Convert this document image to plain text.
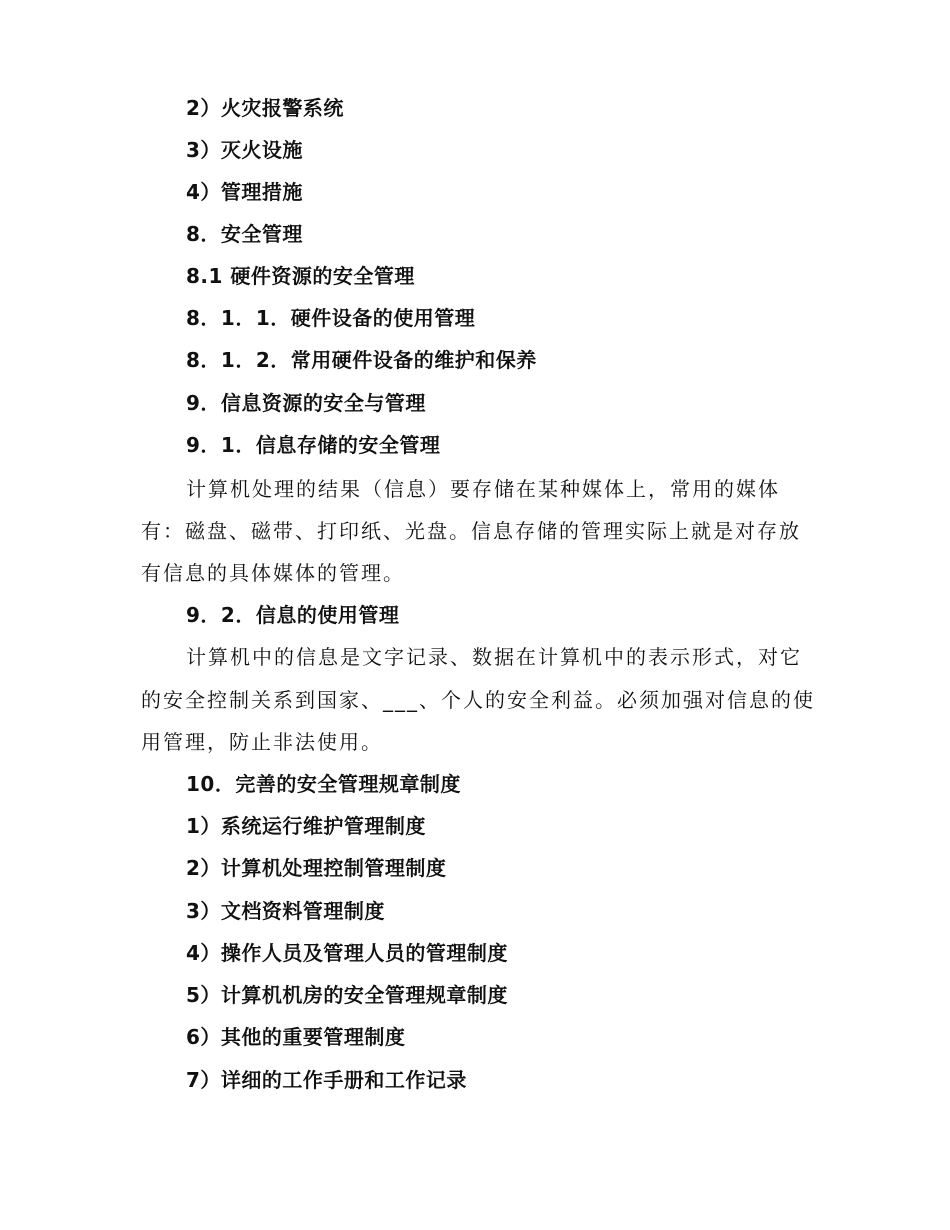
2）火灾报警系统
3）灭火设施
4）管理措施
8．安全管理
8.1 硬件资源的安全管理
8．1．1．硬件设备的使用管理
8．1．2．常用硬件设备的维护和保养
9．信息资源的安全与管理
9．1．信息存储的安全管理
计算机处理的结果（信息）要存储在某种媒体上，常用的媒体
有：磁盘、磁带、打印纸、光盘。信息存储的管理实际上就是对存放
有信息的具体媒体的管理。
9．2．信息的使用管理
计算机中的信息是文字记录、数据在计算机中的表示形式，对它
的安全控制关系到国家、___、个人的安全利益。必须加强对信息的使
用管理，防止非法使用。
10．完善的安全管理规章制度
1）系统运行维护管理制度
2）计算机处理控制管理制度
3）文档资料管理制度
4）操作人员及管理人员的管理制度
5）计算机机房的安全管理规章制度
6）其他的重要管理制度
7）详细的工作手册和工作记录
